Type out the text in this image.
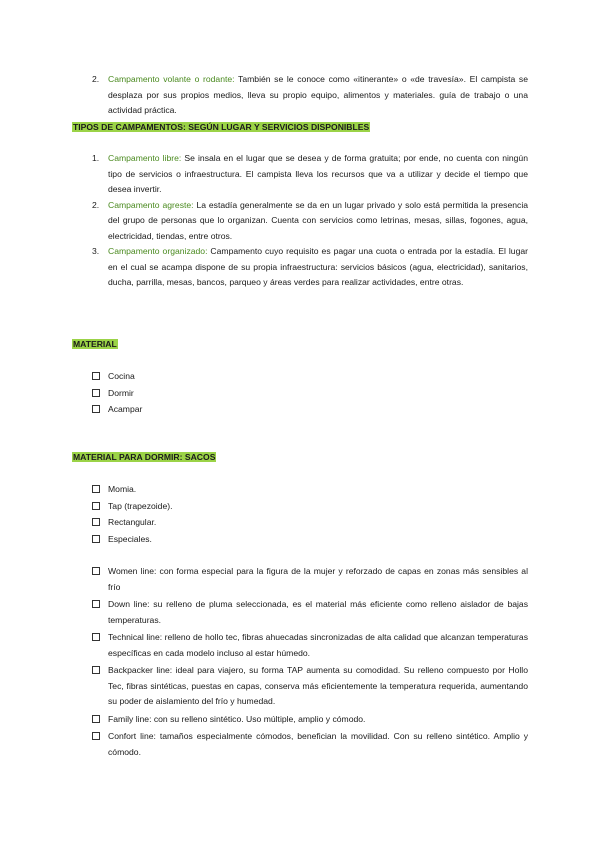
2. Campamento volante o rodante: También se le conoce como «itinerante» o «de travesía». El campista se desplaza por sus propios medios, lleva su propio equipo, alimentos y materiales. guía de trabajo o una actividad práctica.
TIPOS DE CAMPAMENTOS: SEGÚN LUGAR Y SERVICIOS DISPONIBLES
1. Campamento libre: Se insala en el lugar que se desea y de forma gratuita; por ende, no cuenta con ningún tipo de servicios o infraestructura. El campista lleva los recursos que va a utilizar y decide el tiempo que desea invertir.
2. Campamento agreste: La estadía generalmente se da en un lugar privado y solo está permitida la presencia del grupo de personas que lo organizan. Cuenta con servicios como letrinas, mesas, sillas, fogones, agua, electricidad, tiendas, entre otros.
3. Campamento organizado: Campamento cuyo requisito es pagar una cuota o entrada por la estadía. El lugar en el cual se acampa dispone de su propia infraestructura: servicios básicos (agua, electricidad), sanitarios, ducha, parrilla, mesas, bancos, parqueo y áreas verdes para realizar actividades, entre otras.
MATERIAL
Cocina
Dormir
Acampar
MATERIAL PARA DORMIR: SACOS
Momia.
Tap (trapezoide).
Rectangular.
Especiales.
Women line: con forma especial para la figura de la mujer y reforzado de capas en zonas más sensibles al frío
Down line: su relleno de pluma seleccionada, es el material más eficiente como relleno aislador de bajas temperaturas.
Technical line: relleno de hollo tec, fibras ahuecadas sincronizadas de alta calidad que alcanzan temperaturas específicas en cada modelo incluso al estar húmedo.
Backpacker line: ideal para viajero, su forma TAP aumenta su comodidad. Su relleno compuesto por Hollo Tec, fibras sintéticas, puestas en capas, conserva más eficientemente la temperatura requerida, aumentando su poder de aislamiento del frío y humedad.
Family line: con su relleno sintético. Uso múltiple, amplio y cómodo.
Confort line: tamaños especialmente cómodos, benefician la movilidad. Con su relleno sintético. Amplio y cómodo.
